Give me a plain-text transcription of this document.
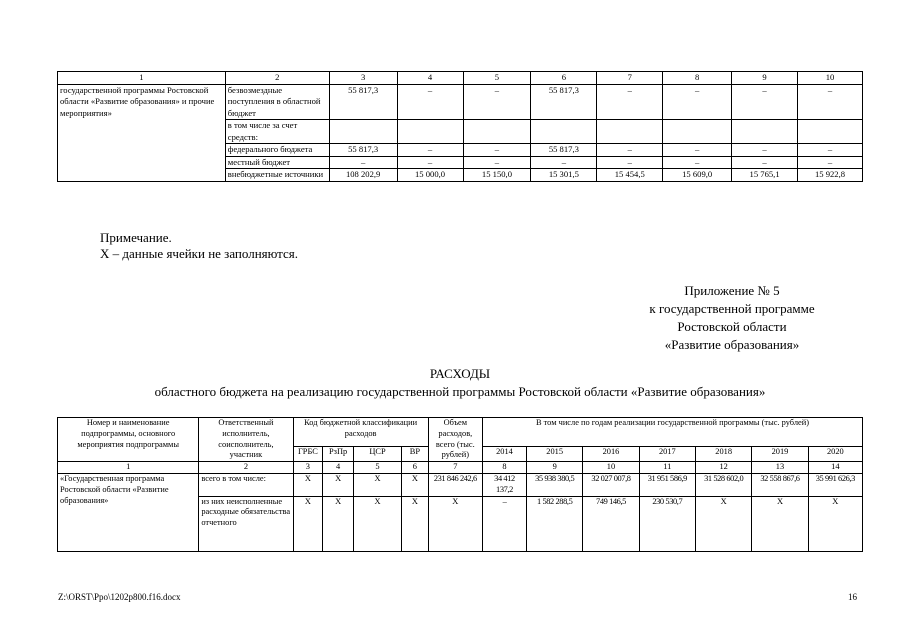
1	2	3	4	5	6	7	8	9	10
государственной программы Ростовской области «Развитие образования» и прочие мероприятия»	безвозмездные поступления в областной бюджет	55 817,3	–	–	55 817,3	–	–	–	–
	в том числе за счет средств:								
	федерального бюджета	55 817,3	–	–	55 817,3	–	–	–	–
	местный бюджет	–	–	–	–	–	–	–	–
	внебюджетные источники	108 202,9	15 000,0	15 150,0	15 301,5	15 454,5	15 609,0	15 765,1	15 922,8
Примечание.
Х – данные ячейки не заполняются.
Приложение № 5
к государственной программе
Ростовской области
«Развитие образования»
РАСХОДЫ
областного бюджета на реализацию государственной программы Ростовской области «Развитие образования»
Номер и наименование подпрограммы, основного мероприятия подпрограммы	Ответственный исполнитель, соисполнитель, участник	Код бюджетной классификации расходов				Объем расходов, всего (тыс. рублей)	В том числе по годам реализации государственной программы (тыс. рублей)						
		ГРБС	РзПр	ЦСР	ВР		2014	2015	2016	2017	2018	2019	2020
1	2	3	4	5	6	7	8	9	10	11	12	13	14
«Государственная программа Ростовской области «Развитие образования»	всего в том числе:	Х	Х	Х	Х	231 846 242,6	34 412 137,2	35 938 380,5	32 027 007,8	31 951 586,9	31 528 602,0	32 558 867,6	35 991 626,3
	из них неисполненные расходные обязательства отчетного	Х	Х	Х	Х	Х	–	1 582 288,5	749 146,5	230 530,7	Х	Х	Х
Z:\ORST\Ppo\1202p800.f16.docx	16
